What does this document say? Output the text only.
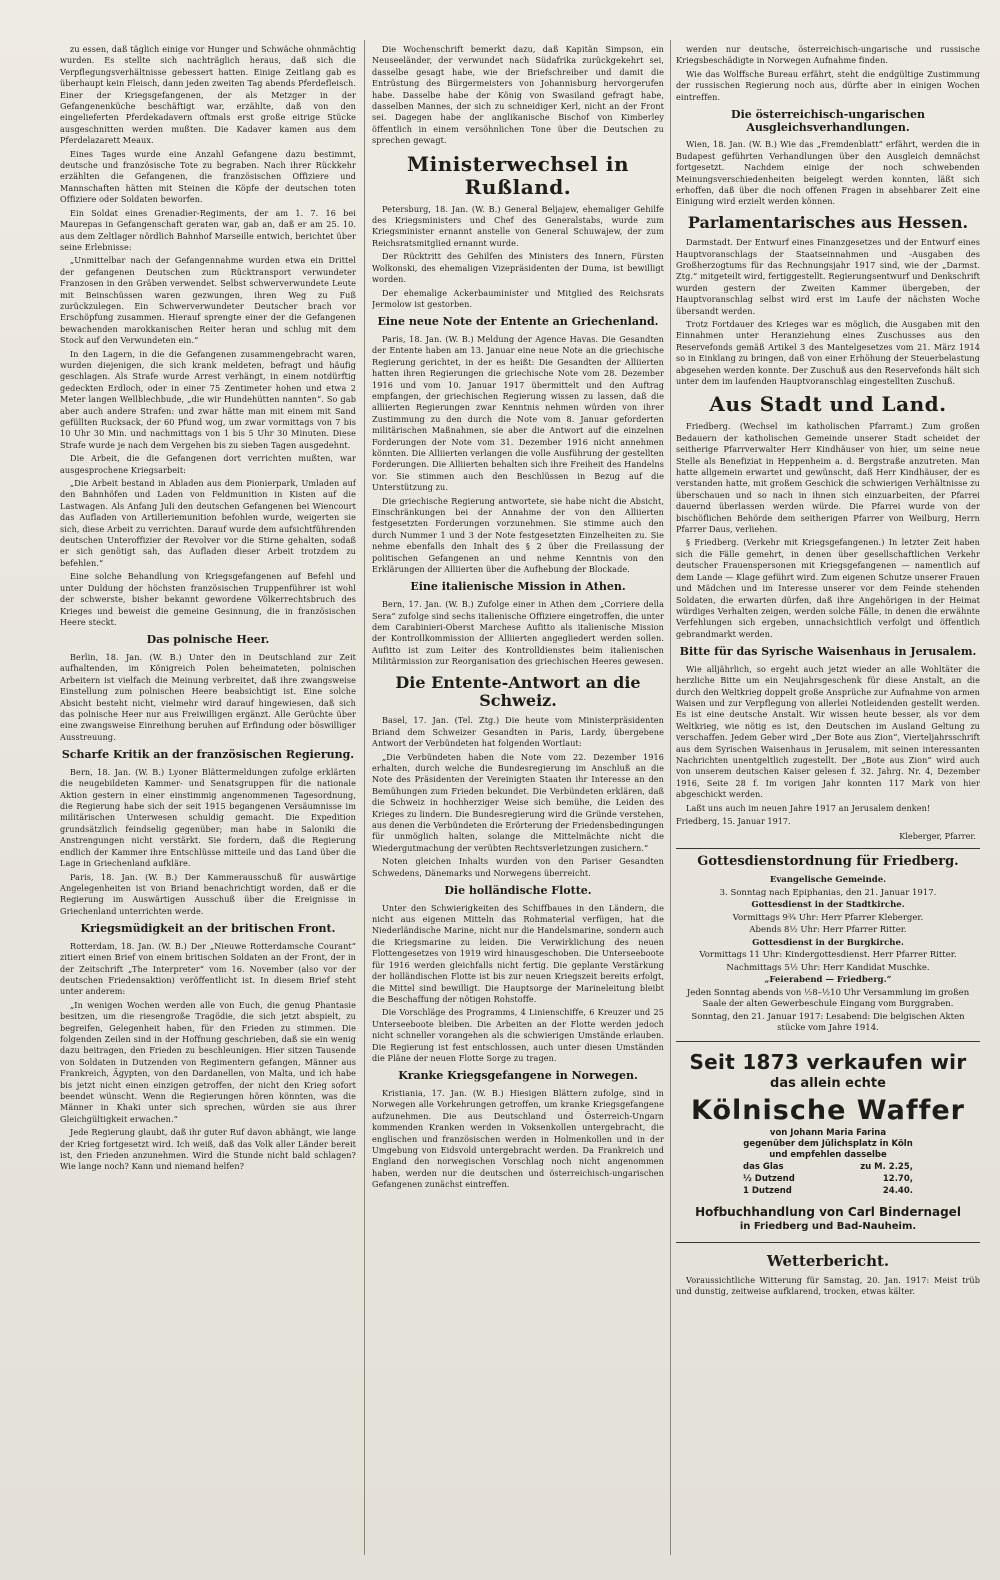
zu essen, daß täglich einige vor Hunger und Schwäche ohnmächtig wurden. Es stellte sich nachträglich heraus, daß sich die Verpflegungsverhältnisse gebessert hatten. Einige Zeitlang gab es überhaupt kein Fleisch, dann jeden zweiten Tag abends Pferdefleisch. Einer der Kriegsgefangenen, der als Metzger in der Gefangenenküche beschäftigt war, erzählte, daß von den eingelieferten Pferdekadavern oftmals erst große eitrige Stücke ausgeschnitten werden mußten. Die Kadaver kamen aus dem Pferdelazarett Meaux.

Eines Tages wurde eine Anzahl Gefangene dazu bestimmt, deutsche und französische Tote zu begraben. Nach ihrer Rückkehr erzählten die Gefangenen, die französischen Offiziere und Mannschaften hätten mit Steinen die Köpfe der deutschen toten Offiziere oder Soldaten beworfen.

Ein Soldat eines Grenadier-Regiments, der am 1. 7. 16 bei Maurepas in Gefangenschaft geraten war, gab an, daß er am 25. 10. aus dem Zeltlager nördlich Bahnhof Marseille entwich, berichtet über seine Erlebnisse:

„Unmittelbar nach der Gefangennahme wurden etwa ein Drittel der gefangenen Deutschen zum Rücktransport verwundeter Franzosen in den Gräben verwendet. Selbst schwerverwundete Leute mit Beinschüssen waren gezwungen, ihren Weg zu Fuß zurückzulegen. Ein Schwerverwundeter Deutscher brach vor Erschöpfung zusammen. Hierauf sprengte einer der die Gefangenen bewachenden marokkanischen Reiter heran und schlug mit dem Stock auf den Verwundeten ein.“

In den Lagern, in die die Gefangenen zusammengebracht waren, wurden diejenigen, die sich krank meldeten, befragt und häufig geschlagen. Als Strafe wurde Arrest verhängt, in einem notdürftig gedeckten Erdloch, oder in einer 75 Zentimeter hohen und etwa 2 Meter langen Wellblechbude, „die wir Hundehütten nannten“. So gab aber auch andere Strafen: und zwar hätte man mit einem mit Sand gefüllten Rucksack, der 60 Pfund wog, um zwar vormittags von 7 bis 10 Uhr 30 Min. und nachmittags von 1 bis 5 Uhr 30 Minuten. Diese Strafe wurde je nach dem Vergehen bis zu sieben Tagen ausgedehnt.

Die Arbeit, die die Gefangenen dort verrichten mußten, war ausgesprochene Kriegsarbeit:

„Die Arbeit bestand in Abladen aus dem Pionierpark, Umladen auf den Bahnhöfen und Laden von Feldmunition in Kisten auf die Lastwagen. Als Anfang Juli den deutschen Gefangenen bei Wiencourt das Aufladen von Artilleriemunition befohlen wurde, weigerten sie sich, diese Arbeit zu verrichten. Darauf wurde dem aufsichtführenden deutschen Unteroffizier der Revolver vor die Stirne gehalten, sodaß er sich genötigt sah, das Aufladen dieser Arbeit trotzdem zu befehlen.“

Eine solche Behandlung von Kriegsgefangenen auf Befehl und unter Duldung der höchsten französischen Truppenführer ist wohl der schwerste, bisher bekannt gewordene Völkerrechtsbruch des Krieges und beweist die gemeine Gesinnung, die in französischen Heere steckt.

Das polnische Heer.

Berlin, 18. Jan. (W. B.) Unter den in Deutschland zur Zeit aufhaltenden, im Königreich Polen beheimateten, polnischen Arbeitern ist vielfach die Meinung verbreitet, daß ihre zwangsweise Einstellung zum polnischen Heere beabsichtigt ist. Eine solche Absicht besteht nicht, vielmehr wird darauf hingewiesen, daß sich das polnische Heer nur aus Freiwilligen ergänzt. Alle Gerüchte über eine zwangsweise Einreihung beruhen auf Erfindung oder böswilliger Ausstreuung.

Scharfe Kritik an der französischen Regierung.

Bern, 18. Jan. (W. B.) Lyoner Blättermeldungen zufolge erklärten die neugebildeten Kammer- und Senatsgruppen für die nationale Aktion gestern in einer einstimmig angenommenen Tagesordnung, die Regierung habe sich der seit 1915 begangenen Versäumnisse im militärischen Unterwesen schuldig gemacht. Die Expedition grundsätzlich feindselig gegenüber; man habe in Saloniki die Anstrengungen nicht verstärkt. Sie fordern, daß die Regierung endlich der Kammer ihre Entschlüsse mitteile und das Land über die Lage in Griechenland aufkläre.

Paris, 18. Jan. (W. B.) Der Kammerausschuß für auswärtige Angelegenheiten ist von Briand benachrichtigt worden, daß er die Regierung im Auswärtigen Ausschuß über die Ereignisse in Griechenland unterrichten werde.

Kriegsmüdigkeit an der britischen Front.

Rotterdam, 18. Jan. (W. B.) Der „Nieuwe Rotterdamsche Courant“ zitiert einen Brief von einem britischen Soldaten an der Front, der in der Zeitschrift „The Interpreter“ vom 16. November (also vor der deutschen Friedensaktion) veröffentlicht ist. In diesem Brief steht unter anderem:

„In wenigen Wochen werden alle von Euch, die genug Phantasie besitzen, um die riesengroße Tragödie, die sich jetzt abspielt, zu begreifen, Gelegenheit haben, für den Frieden zu stimmen. Die folgenden Zeilen sind in der Hoffnung geschrieben, daß sie ein wenig dazu beitragen, den Frieden zu beschleunigen. Hier sitzen Tausende von Soldaten in Dutzenden von Regimentern gefangen, Männer aus Frankreich, Ägypten, von den Dardanellen, von Malta, und ich habe bis jetzt nicht einen einzigen getroffen, der nicht den Krieg sofort beendet wünscht. Wenn die Regierungen hören könnten, was die Männer in Khaki unter sich sprechen, würden sie aus ihrer Gleichgültigkeit erwachen.“

Jede Regierung glaubt, daß ihr guter Ruf davon abhängt, wie lange der Krieg fortgesetzt wird. Ich weiß, daß das Volk aller Länder bereit ist, den Frieden anzunehmen. Wird die Stunde nicht bald schlagen? Wie lange noch? Kann und niemand helfen?

Die Wochenschrift bemerkt dazu, daß Kapitän Simpson, ein Neuseeländer, der verwundet nach Südafrika zurückgekehrt sei, dasselbe gesagt habe, wie der Briefschreiber und damit die Entrüstung des Bürgermeisters von Johannisburg hervorgerufen habe. Dasselbe habe der König von Swasiland gefragt habe, dasselben Mannes, der sich zu schneidiger Kerl, nicht an der Front sei. Dagegen habe der anglikanische Bischof von Kimberley öffentlich in einem versöhnlichen Tone über die Deutschen zu sprechen gewagt.

Ministerwechsel in Rußland.

Petersburg, 18. Jan. (W. B.) General Beljajew, ehemaliger Gehilfe des Kriegsministers und Chef des Generalstabs, wurde zum Kriegsminister ernannt anstelle von General Schuwajew, der zum Reichsratsmitglied ernannt wurde.

Der Rücktritt des Gehilfen des Ministers des Innern, Fürsten Wolkonski, des ehemaligen Vizepräsidenten der Duma, ist bewilligt worden.

Der ehemalige Ackerbauminister und Mitglied des Reichsrats Jermolow ist gestorben.

Eine neue Note der Entente an Griechenland.

Paris, 18. Jan. (W. B.) Meldung der Agence Havas. Die Gesandten der Entente haben am 13. Januar eine neue Note an die griechische Regierung gerichtet, in der es heißt: Die Gesandten der Alliierten hatten ihren Regierungen die griechische Note vom 28. Dezember 1916 und vom 10. Januar 1917 übermittelt und den Auftrag empfangen, der griechischen Regierung wissen zu lassen, daß die alliierten Regierungen zwar Kenntnis nehmen würden von ihrer Zustimmung zu den durch die Note vom 8. Januar geforderten militärischen Maßnahmen, sie aber die Antwort auf die einzelnen Forderungen der Note vom 31. Dezember 1916 nicht annehmen könnten. Die Alliierten verlangen die volle Ausführung der gestellten Forderungen. Die Alliierten behalten sich ihre Freiheit des Handelns vor. Sie stimmen auch den Beschlüssen in Bezug auf die Unterstützung zu.

Die griechische Regierung antwortete, sie habe nicht die Absicht, Einschränkungen bei der Annahme der von den Alliierten festgesetzten Forderungen vorzunehmen. Sie stimme auch den durch Nummer 1 und 3 der Note festgesetzten Einzelheiten zu. Sie nehme ebenfalls den Inhalt des § 2 über die Freilassung der politischen Gefangenen an und nehme Kenntnis von den Erklärungen der Alliierten über die Aufhebung der Blockade.

Eine italienische Mission in Athen.

Bern, 17. Jan. (W. B.) Zufolge einer in Athen dem „Corriere della Sera“ zufolge sind sechs italienische Offiziere eingetroffen, die unter dem Carabinieri-Oberst Marchese Aufitto als italienische Mission der Kontrollkommission der Alliierten angegliedert werden sollen. Aufitto ist zum Leiter des Kontrolldienstes beim italienischen Militärmission zur Reorganisation des griechischen Heeres gewesen.

Die Entente-Antwort an die Schweiz.

Basel, 17. Jan. (Tel. Ztg.) Die heute vom Ministerpräsidenten Briand dem Schweizer Gesandten in Paris, Lardy, übergebene Antwort der Verbündeten hat folgenden Wortlaut:

„Die Verbündeten haben die Note vom 22. Dezember 1916 erhalten, durch welche die Bundesregierung im Anschluß an die Note des Präsidenten der Vereinigten Staaten ihr Interesse an den Bemühungen zum Frieden bekundet. Die Verbündeten erklären, daß die Schweiz in hochherziger Weise sich bemühe, die Leiden des Krieges zu lindern. Die Bundesregierung wird die Gründe verstehen, aus denen die Verbündeten die Erörterung der Friedensbedingungen für unmöglich halten, solange die Mittelmächte nicht die Wiedergutmachung der verübten Rechtsverletzungen zusichern.“

Noten gleichen Inhalts wurden von den Pariser Gesandten Schwedens, Dänemarks und Norwegens überreicht.

Die holländische Flotte.

Unter den Schwierigkeiten des Schiffbaues in den Ländern, die nicht aus eigenen Mitteln das Rohmaterial verfügen, hat die Niederländische Marine, nicht nur die Handelsmarine, sondern auch die Kriegsmarine zu leiden. Die Verwirklichung des neuen Flottengesetzes von 1919 wird hinausgeschoben. Die Unterseeboote für 1916 werden gleichfalls nicht fertig. Die geplante Verstärkung der holländischen Flotte ist bis zur neuen Kriegszeit bereits erfolgt, die Mittel sind bewilligt. Die Hauptsorge der Marineleitung bleibt die Beschaffung der nötigen Rohstoffe.

Die Vorschläge des Programms, 4 Linienschiffe, 6 Kreuzer und 25 Unterseeboote bleiben. Die Arbeiten an der Flotte werden jedoch nicht schneller vorangehen als die schwierigen Umstände erlauben. Die Regierung ist fest entschlossen, auch unter diesen Umständen die Pläne der neuen Flotte Sorge zu tragen.

Kranke Kriegsgefangene in Norwegen.

Kristiania, 17. Jan. (W. B.) Hiesigen Blättern zufolge, sind in Norwegen alle Vorkehrungen getroffen, um kranke Kriegsgefangene aufzunehmen. Die aus Deutschland und Österreich-Ungarn kommenden Kranken werden in Voksenkollen untergebracht, die englischen und französischen werden in Holmenkollen und in der Umgebung von Eidsvold untergebracht werden. Da Frankreich und England den norwegischen Vorschlag noch nicht angenommen haben, werden nur die deutschen und österreichisch-ungarischen Gefangenen zunächst eintreffen.

werden nur deutsche, österreichisch-ungarische und russische Kriegsbeschädigte in Norwegen Aufnahme finden.

Wie das Wolffsche Bureau erfährt, steht die endgültige Zustimmung der russischen Regierung noch aus, dürfte aber in einigen Wochen eintreffen.

Die österreichisch-ungarischen Ausgleichsverhandlungen.

Wien, 18. Jan. (W. B.) Wie das „Fremdenblatt“ erfährt, werden die in Budapest geführten Verhandlungen über den Ausgleich demnächst fortgesetzt. Nachdem einige der noch schwebenden Meinungsverschiedenheiten beigelegt werden konnten, läßt sich erhoffen, daß über die noch offenen Fragen in absehbarer Zeit eine Einigung wird erzielt werden können.

Parlamentarisches aus Hessen.

Darmstadt. Der Entwurf eines Finanzgesetzes und der Entwurf eines Hauptvoranschlags der Staatseinnahmen und -Ausgaben des Großherzogtums für das Rechnungsjahr 1917 sind, wie der „Darmst. Ztg.“ mitgeteilt wird, fertiggestellt. Regierungsentwurf und Denkschrift wurden gestern der Zweiten Kammer übergeben, der Hauptvoranschlag selbst wird erst im Laufe der nächsten Woche übersandt werden.

Trotz Fortdauer des Krieges war es möglich, die Ausgaben mit den Einnahmen unter Heranziehung eines Zuschusses aus den Reservefonds gemäß Artikel 3 des Mantelgesetzes vom 21. März 1914 so in Einklang zu bringen, daß von einer Erhöhung der Steuerbelastung abgesehen werden konnte. Der Zuschuß aus den Reservefonds hält sich unter dem im laufenden Hauptvoranschlag eingestellten Zuschuß.

Aus Stadt und Land.

Friedberg. (Wechsel im katholischen Pfarramt.) Zum großen Bedauern der katholischen Gemeinde unserer Stadt scheidet der seitherige Pfarrverwalter Herr Kindhäuser von hier, um seine neue Stelle als Benefiziat in Heppenheim a. d. Bergstraße anzutreten. Man hatte allgemein erwartet und gewünscht, daß Herr Kindhäuser, der es verstanden hatte, mit großem Geschick die schwierigen Verhältnisse zu überschauen und so nach in ihnen sich einzuarbeiten, der Pfarrei dauernd überlassen werden würde. Die Pfarrei wurde von der bischöflichen Behörde dem seitherigen Pfarrer von Weilburg, Herrn Pfarrer Daus, verliehen.

§ Friedberg. (Verkehr mit Kriegsgefangenen.) In letzter Zeit haben sich die Fälle gemehrt, in denen über gesellschaftlichen Verkehr deutscher Frauenspersonen mit Kriegsgefangenen — namentlich auf dem Lande — Klage geführt wird. Zum eigenen Schutze unserer Frauen und Mädchen und im Interesse unserer vor dem Feinde stehenden Soldaten, die erwarten dürfen, daß ihre Angehörigen in der Heimat würdiges Verhalten zeigen, werden solche Fälle, in denen die erwähnte Verfehlungen sich ergeben, unnachsichtlich verfolgt und öffentlich gebrandmarkt werden.

Bitte für das Syrische Waisenhaus in Jerusalem.

Wie alljährlich, so ergeht auch jetzt wieder an alle Wohltäter die herzliche Bitte um ein Neujahrsgeschenk für diese Anstalt, an die durch den Weltkrieg doppelt große Ansprüche zur Aufnahme von armen Waisen und zur Verpflegung von allerlei Notleidenden gestellt werden. Es ist eine deutsche Anstalt. Wir wissen heute besser, als vor dem Weltkrieg, wie nötig es ist, den Deutschen im Ausland Geltung zu verschaffen. Jedem Geber wird „Der Bote aus Zion“, Vierteljahrsschrift aus dem Syrischen Waisenhaus in Jerusalem, mit seinen interessanten Nachrichten unentgeltlich zugestellt. Der „Bote aus Zion“ wird auch von unserem deutschen Kaiser gelesen f. 32. Jahrg. Nr. 4, Dezember 1916, Seite 28 f. Im vorigen Jahr konnten 117 Mark von hier abgeschickt werden.

Laßt uns auch im neuen Jahre 1917 an Jerusalem denken!

Friedberg, 15. Januar 1917.
Kleberger, Pfarrer.
Gottesdienstordnung für Friedberg.
Evangelische Gemeinde.
3. Sonntag nach Epiphanias, den 21. Januar 1917.
Gottesdienst in der Stadtkirche.
Vormittags 9¾ Uhr: Herr Pfarrer Kleberger.
Abends 8½ Uhr: Herr Pfarrer Ritter.
Gottesdienst in der Burgkirche.
Vormittags 11 Uhr: Kindergottesdienst. Herr Pfarrer Ritter.
Nachmittags 5½ Uhr: Herr Kandidat Muschke.
„Feierabend — Friedberg.“
Jeden Sonntag abends von ½8–½10 Uhr Versammlung im großen Saale der alten Gewerbeschule Eingang vom Burggraben.
Sonntag, den 21. Januar 1917: Lesabend: Die belgischen Akten stücke vom Jahre 1914.
Seit 1873 verkaufen wir
das allein echte
Kölnische Waffer
von Johann Maria Farina
gegenüber dem Jülichsplatz in Köln
und empfehlen dasselbe
das Glas	zu M. 2.25,
½ Dutzend	12.70,
1 Dutzend	24.40.
Hofbuchhandlung von Carl Bindernagel
in Friedberg und Bad-Nauheim.
Wetterbericht.

Voraussichtliche Witterung für Samstag, 20. Jan. 1917: Meist trüb und dunstig, zeitweise aufklarend, trocken, etwas kälter.
